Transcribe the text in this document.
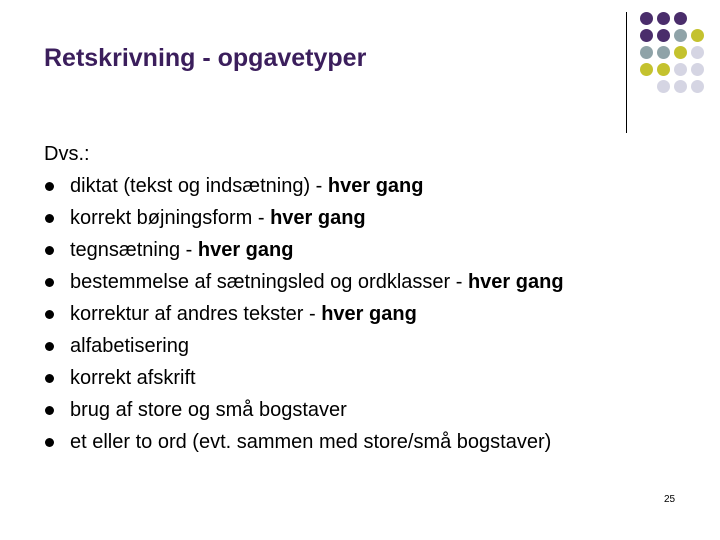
Retskrivning - opgavetyper

Dvs.:

diktat (tekst og indsætning) - hver gang
korrekt bøjningsform - hver gang
tegnsætning - hver gang
bestemmelse af sætningsled og ordklasser - hver gang
korrektur af andres tekster - hver gang
alfabetisering
korrekt afskrift
brug af store og små bogstaver
et eller to ord (evt. sammen med store/små bogstaver)
25
